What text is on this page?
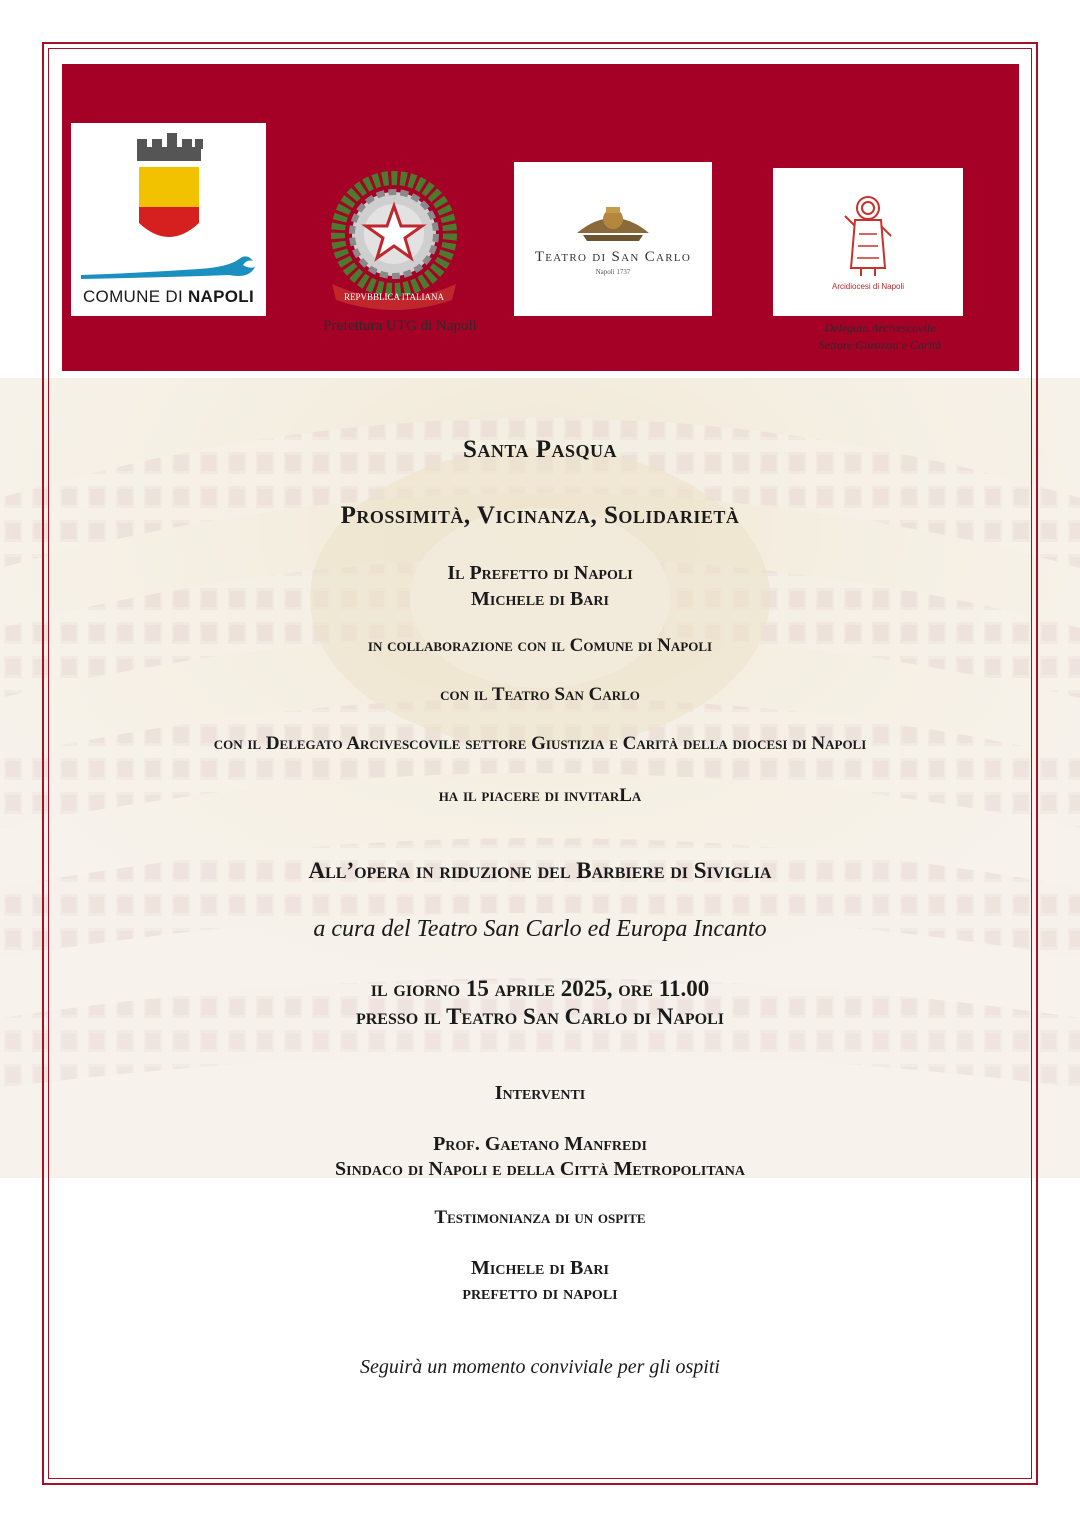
COMUNE DI NAPOLI	REPVBBLICA ITALIANA
Teatro di San Carlo
Napoli 1737
Arcidiocesi di Napoli
Prefettura UTG di Napoli	Delegato Arcivescovile
Settore Giustizia e Carità
Santa Pasqua
Prossimità, Vicinanza, Solidarietà
Il Prefetto di Napoli
Michele di Bari
in collaborazione con il Comune di Napoli
con il Teatro San Carlo
con il Delegato Arcivescovile settore Giustizia e Carità della diocesi di Napoli
ha il piacere di invitarLa
All’opera in riduzione del Barbiere di Siviglia
a cura del Teatro San Carlo ed Europa Incanto
il giorno 15 aprile 2025, ore 11.00
presso il Teatro San Carlo di Napoli
Interventi
Prof. Gaetano Manfredi
Sindaco di Napoli e della Città Metropolitana
Testimonianza di un ospite
Michele di Bari
prefetto di napoli
Seguirà un momento conviviale per gli ospiti
